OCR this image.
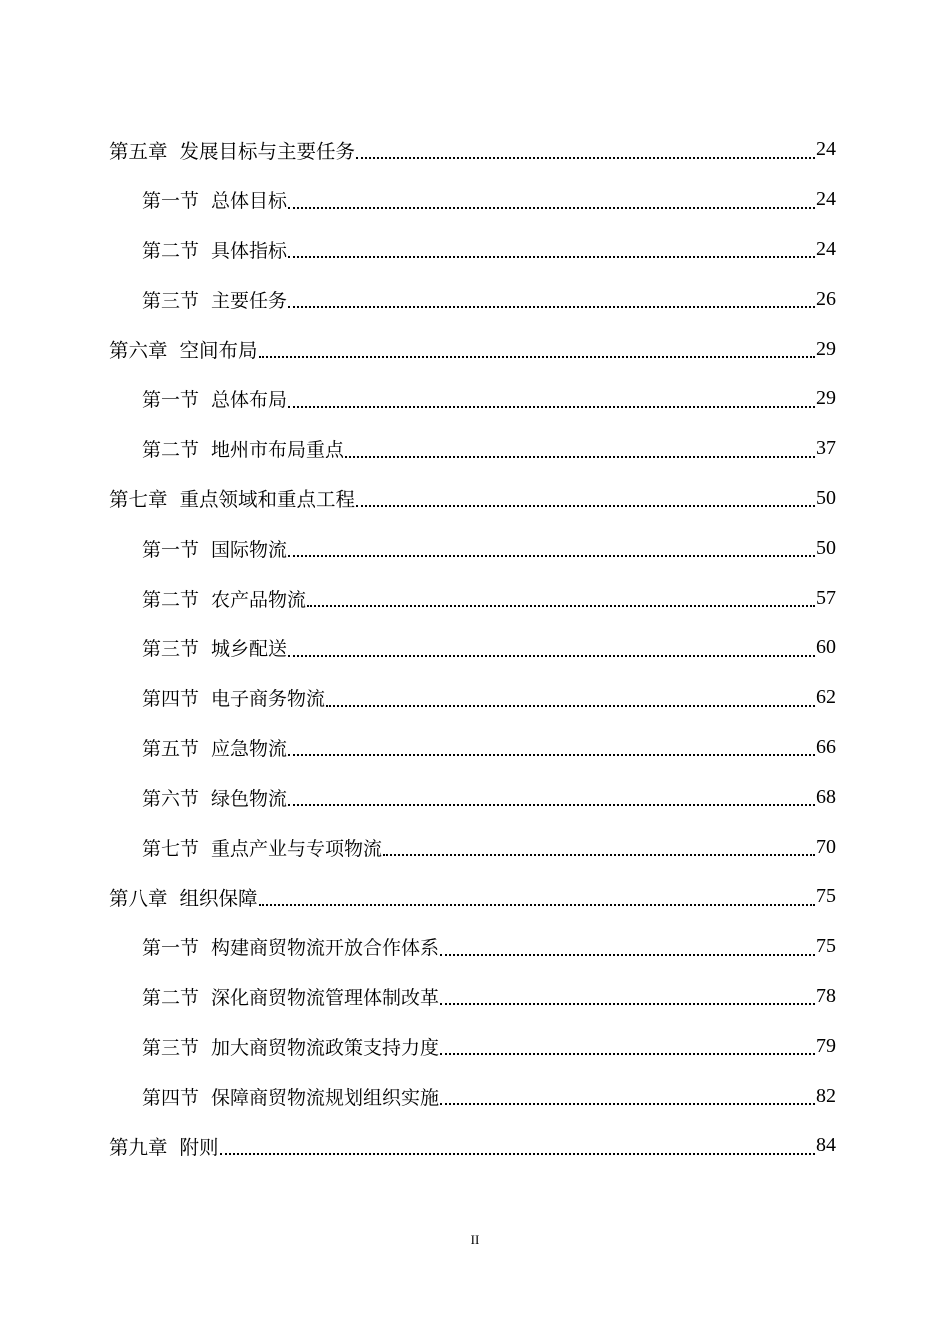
第五章 发展目标与主要任务	24
第一节 总体目标	24
第二节 具体指标	24
第三节 主要任务	26
第六章 空间布局	29
第一节 总体布局	29
第二节 地州市布局重点	37
第七章 重点领域和重点工程	50
第一节 国际物流	50
第二节 农产品物流	57
第三节 城乡配送	60
第四节 电子商务物流	62
第五节 应急物流	66
第六节 绿色物流	68
第七节 重点产业与专项物流	70
第八章 组织保障	75
第一节 构建商贸物流开放合作体系	75
第二节 深化商贸物流管理体制改革	78
第三节 加大商贸物流政策支持力度	79
第四节 保障商贸物流规划组织实施	82
第九章 附则	84
II
